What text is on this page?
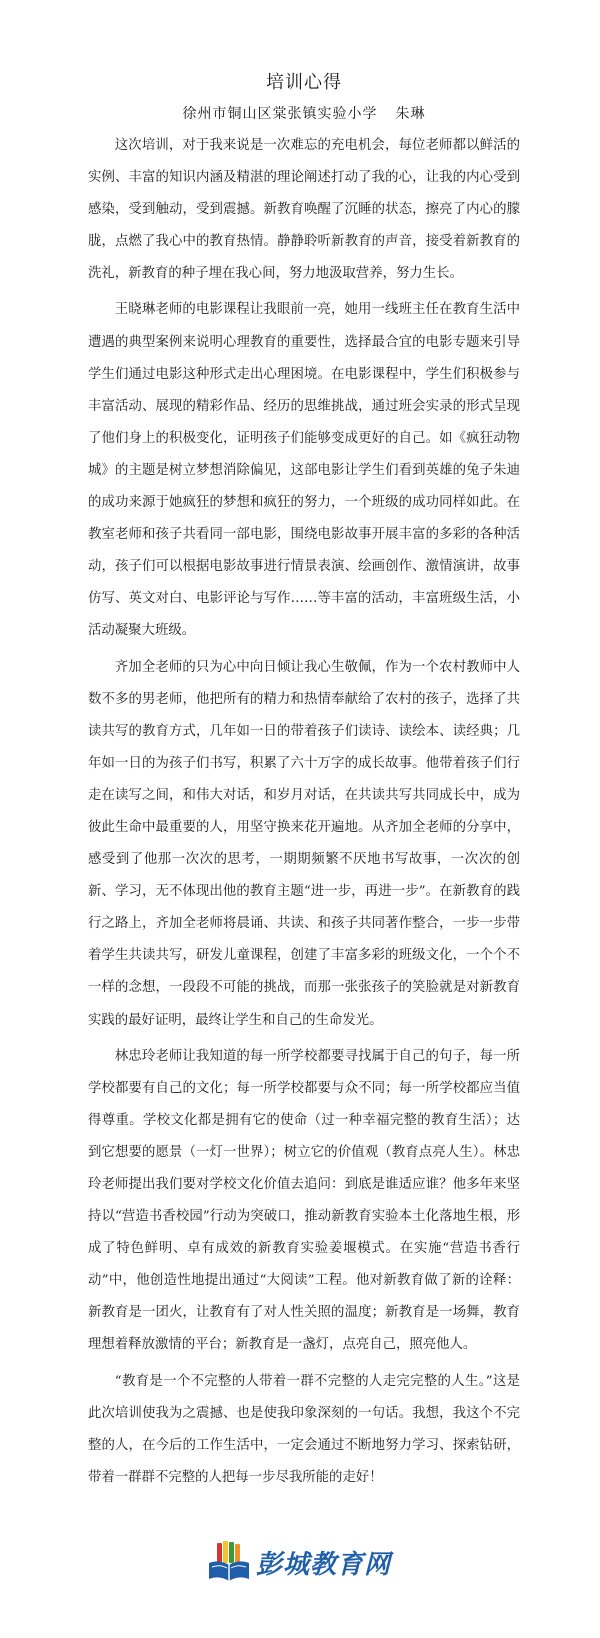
培训心得
徐州市铜山区棠张镇实验小学 朱琳

这次培训，对于我来说是一次难忘的充电机会，每位老师都以鲜活的实例、丰富的知识内涵及精湛的理论阐述打动了我的心，让我的内心受到感染，受到触动，受到震撼。新教育唤醒了沉睡的状态，擦亮了内心的朦胧，点燃了我心中的教育热情。静静聆听新教育的声音，接受着新教育的洗礼，新教育的种子埋在我心间，努力地汲取营养，努力生长。

王晓琳老师的电影课程让我眼前一亮，她用一线班主任在教育生活中遭遇的典型案例来说明心理教育的重要性，选择最合宜的电影专题来引导学生们通过电影这种形式走出心理困境。在电影课程中，学生们积极参与丰富活动、展现的精彩作品、经历的思维挑战，通过班会实录的形式呈现了他们身上的积极变化，证明孩子们能够变成更好的自己。如《疯狂动物城》的主题是树立梦想消除偏见，这部电影让学生们看到英雄的兔子朱迪的成功来源于她疯狂的梦想和疯狂的努力，一个班级的成功同样如此。在教室老师和孩子共看同一部电影，围绕电影故事开展丰富的多彩的各种活动，孩子们可以根据电影故事进行情景表演、绘画创作、激情演讲，故事仿写、英文对白、电影评论与写作……等丰富的活动，丰富班级生活，小活动凝聚大班级。

齐加全老师的只为心中向日倾让我心生敬佩，作为一个农村教师中人数不多的男老师，他把所有的精力和热情奉献给了农村的孩子，选择了共读共写的教育方式，几年如一日的带着孩子们读诗、读绘本、读经典；几年如一日的为孩子们书写，积累了六十万字的成长故事。他带着孩子们行走在读写之间，和伟大对话，和岁月对话，在共读共写共同成长中，成为彼此生命中最重要的人，用坚守换来花开遍地。从齐加全老师的分享中，感受到了他那一次次的思考，一期期频繁不厌地书写故事，一次次的创新、学习，无不体现出他的教育主题“进一步，再进一步”。在新教育的践行之路上，齐加全老师将晨诵、共读、和孩子共同著作整合，一步一步带着学生共读共写，研发儿童课程，创建了丰富多彩的班级文化，一个个不一样的念想，一段段不可能的挑战，而那一张张孩子的笑脸就是对新教育实践的最好证明，最终让学生和自己的生命发光。

林忠玲老师让我知道的每一所学校都要寻找属于自己的句子，每一所学校都要有自己的文化；每一所学校都要与众不同；每一所学校都应当值得尊重。学校文化都是拥有它的使命（过一种幸福完整的教育生活）；达到它想要的愿景（一灯一世界）；树立它的价值观（教育点亮人生）。林忠玲老师提出我们要对学校文化价值去追问：到底是谁适应谁？他多年来坚持以“营造书香校园”行动为突破口，推动新教育实验本土化落地生根，形成了特色鲜明、卓有成效的新教育实验姜堰模式。在实施“营造书香行动”中，他创造性地提出通过“大阅读”工程。他对新教育做了新的诠释：新教育是一团火，让教育有了对人性关照的温度；新教育是一场舞，教育理想着释放激情的平台；新教育是一盏灯，点亮自己，照亮他人。

“教育是一个不完整的人带着一群不完整的人走完完整的人生。”这是此次培训使我为之震撼、也是使我印象深刻的一句话。我想，我这个不完整的人，在今后的工作生活中，一定会通过不断地努力学习、探索钻研，带着一群群不完整的人把每一步尽我所能的走好！

彭城教育网
